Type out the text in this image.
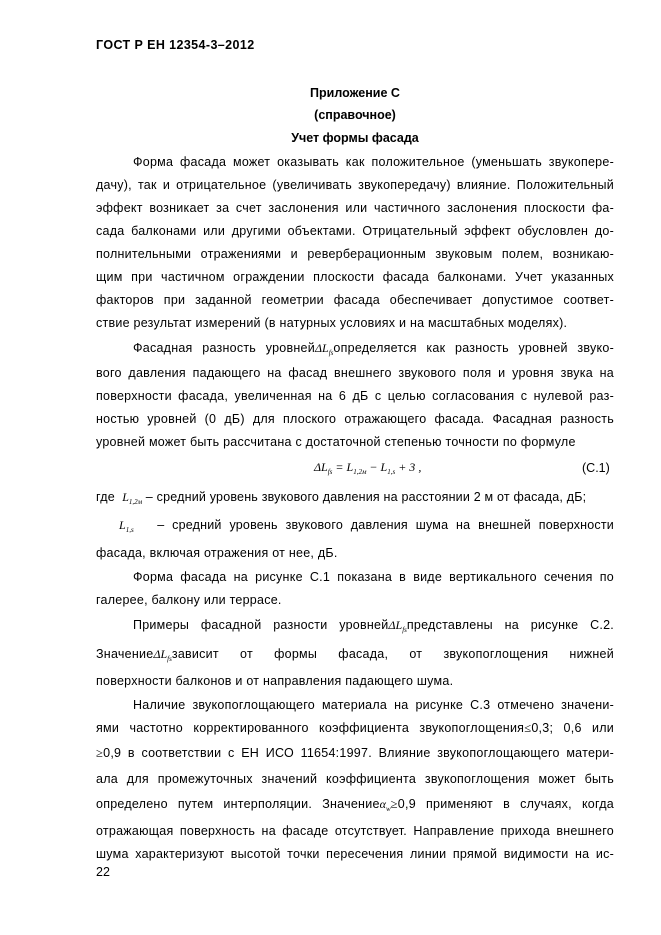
ГОСТ Р ЕН 12354-3–2012
Приложение С
(справочное)
Учет формы фасада
Форма фасада может оказывать как положительное (уменьшать звукопере-
дачу), так и отрицательное (увеличивать звукопередачу) влияние. Положительный
эффект возникает за счет заслонения или частичного заслонения плоскости фа-
сада балконами или другими объектами. Отрицательный эффект обусловлен до-
полнительными отражениями и реверберационным звуковым полем, возникаю-
щим при частичном ограждении плоскости фасада балконами. Учет указанных
факторов при заданной геометрии фасада обеспечивает допустимое соответ-
ствие результат измерений (в натурных условиях и на масштабных моделях).
Фасадная разность уровнейΔL$_{fs}$определяется как разность уровней звуко-
вого давления падающего на фасад внешнего звукового поля и уровня звука на
поверхности фасада, увеличенная на 6 дБ с целью согласования с нулевой раз-
ностью уровней (0 дБ) для плоского отражающего фасада. Фасадная разность
уровней может быть рассчитана с достаточной степенью точности по формуле
$\Delta L_{fs} = L_{1,2м} - L_{1,s} + 3$ ,	(C.1)
где $L_{1,2м}$ – средний уровень звукового давления на расстоянии 2 м от фасада, дБ;
$L_{1,s}$ – средний уровень звукового давления шума на внешней поверхности
фасада, включая отражения от нее, дБ.
Форма фасада на рисунке С.1 показана в виде вертикального сечения по
галерее, балкону или террасе.
Примеры фасадной разности уровнейΔL$_{fs}$представлены на рисунке С.2.
ЗначениеΔL$_{fs}$зависит от формы фасада, от звукопоглощения нижней
поверхности балконов и от направления падающего шума.
Наличие звукопоглощающего материала на рисунке С.3 отмечено значени-
ями частотно корректированного коэффициента звукопоглощения≤0,3; 0,6 или
≥0,9 в соответствии с ЕН ИСО 11654:1997. Влияние звукопоглощающего матери-
ала для промежуточных значений коэффициента звукопоглощения может быть
определено путем интерполяции. Значениеα$_w$≥0,9 применяют в случаях, когда
отражающая поверхность на фасаде отсутствует. Направление прихода внешнего
шума характеризуют высотой точки пересечения линии прямой видимости на ис-
22
